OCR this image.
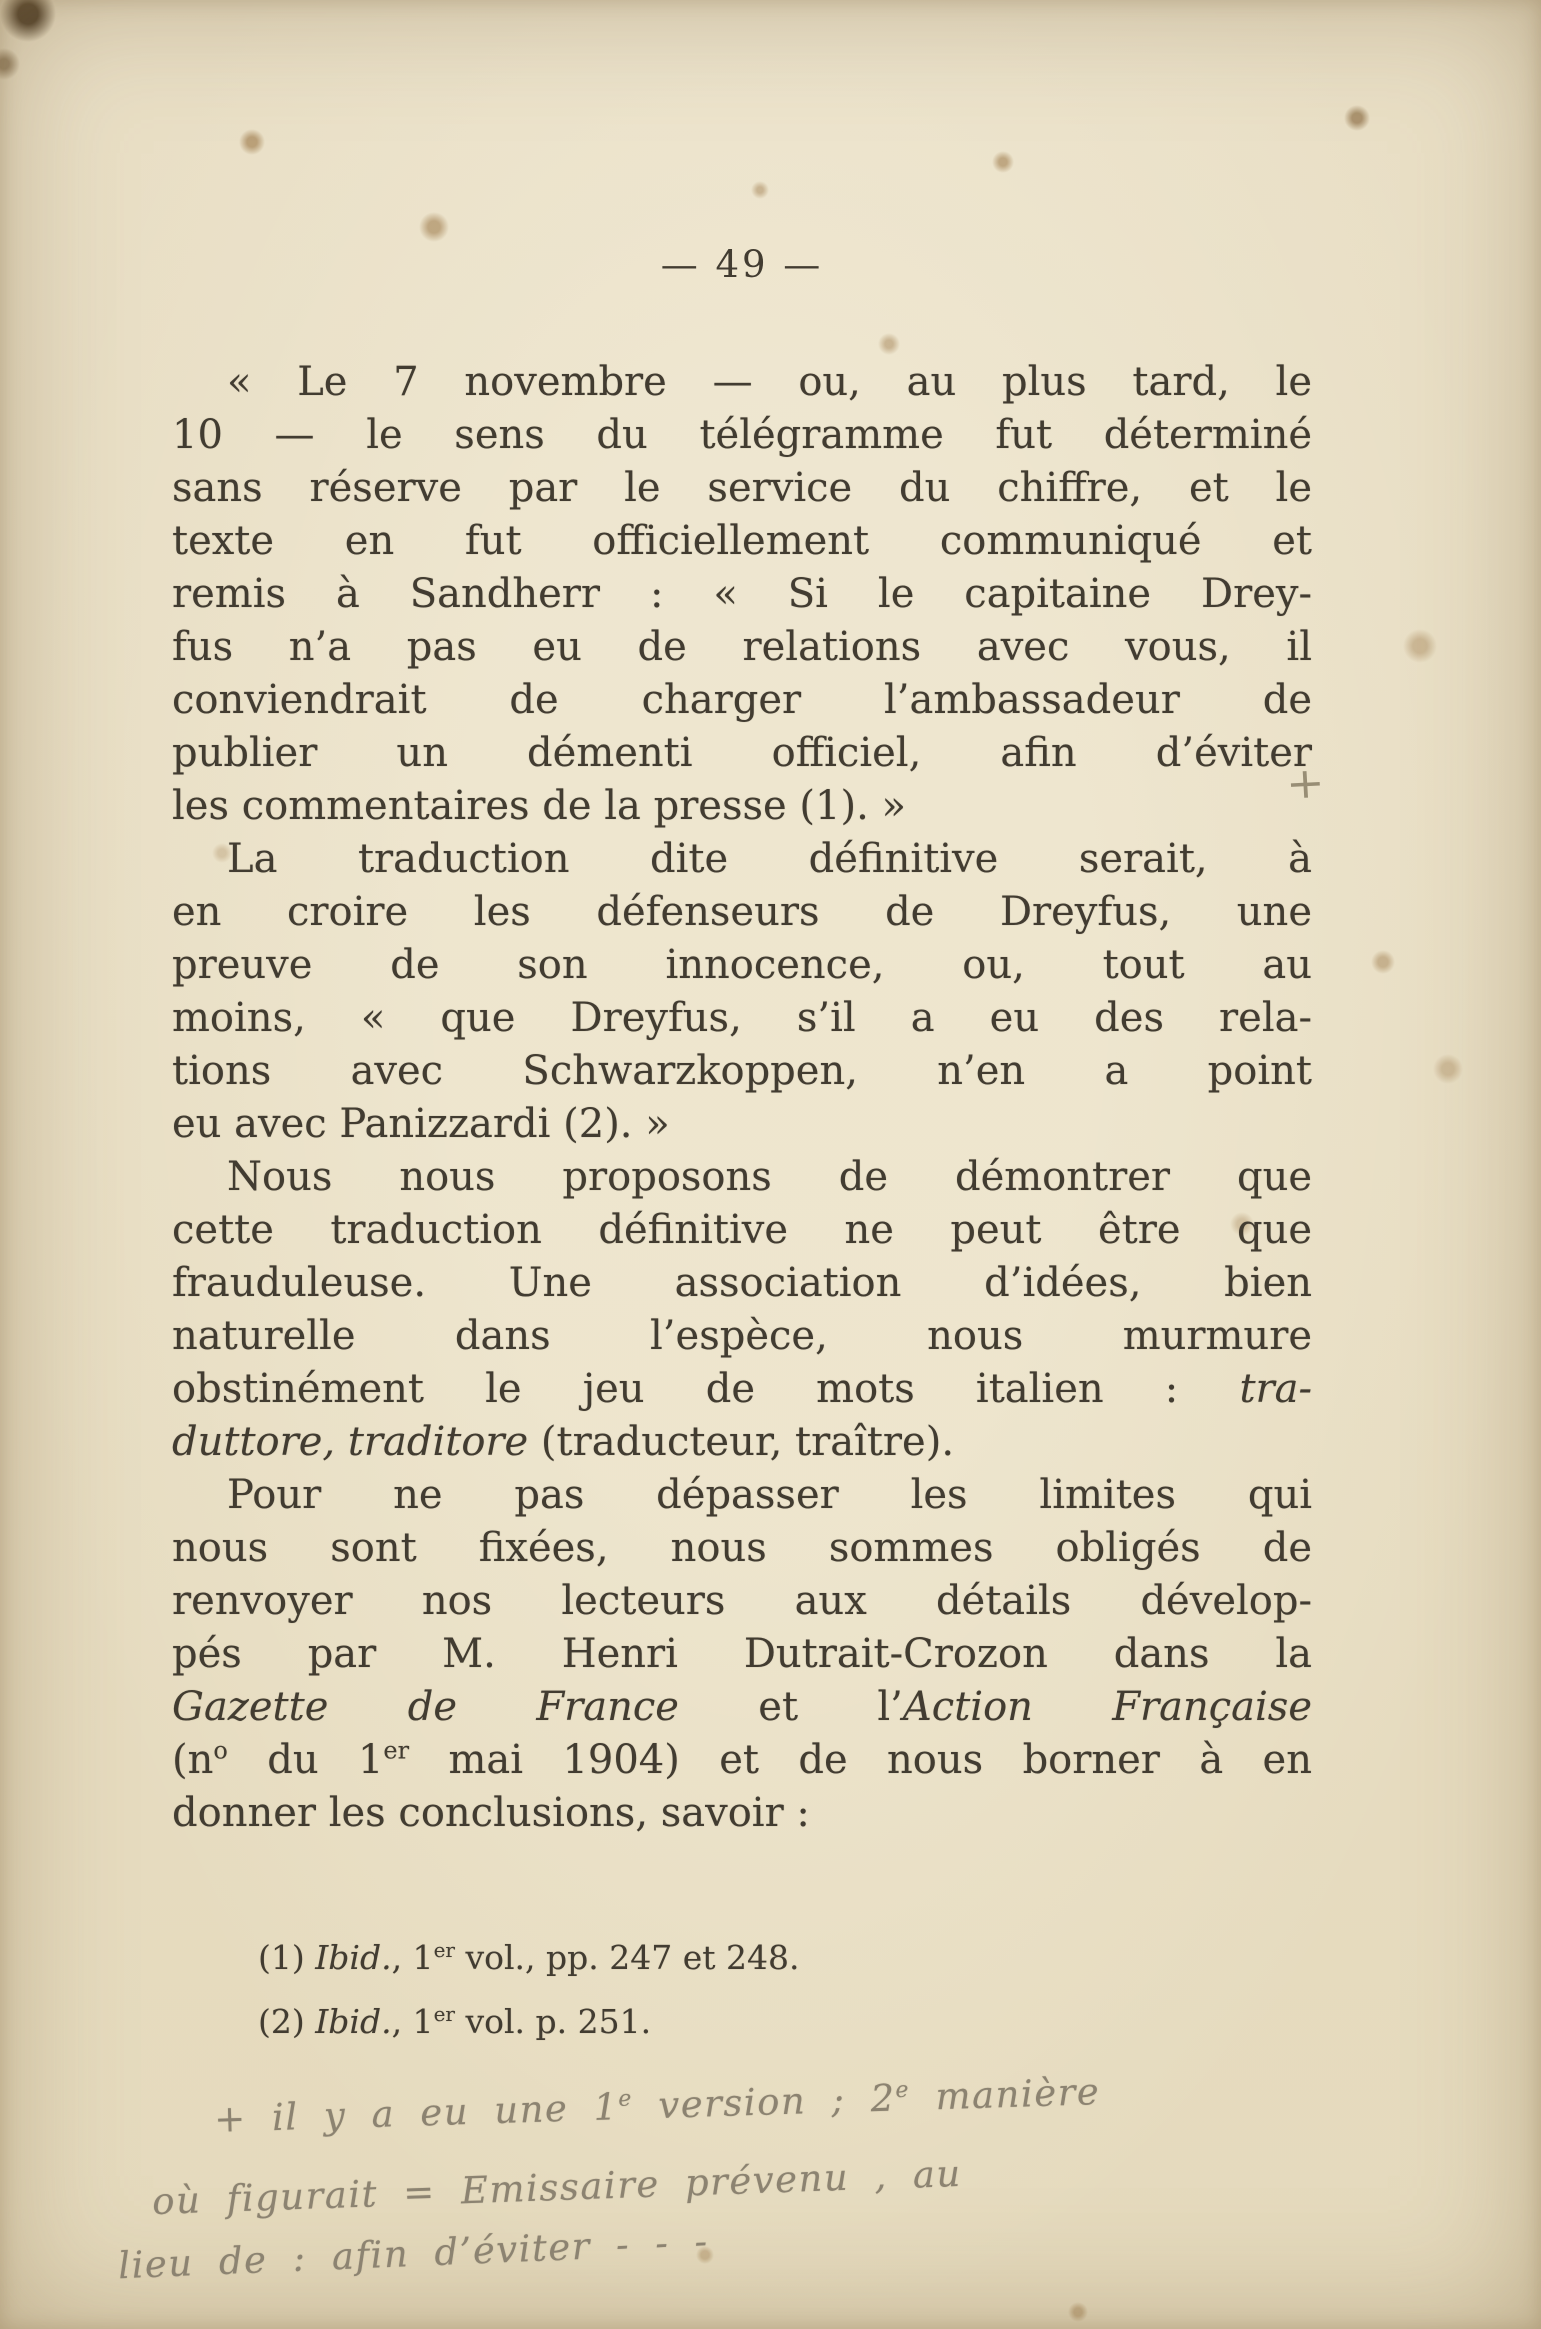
— 49 —
« Le 7 novembre — ou, au plus tard, le
10 — le sens du télégramme fut déterminé
sans réserve par le service du chiffre, et le
texte en fut officiellement communiqué et
remis à Sandherr : « Si le capitaine Drey-
fus n’a pas eu de relations avec vous, il
conviendrait de charger l’ambassadeur de
publier un démenti officiel, afin d’éviter
les commentaires de la presse (1). »
La traduction dite définitive serait, à
en croire les défenseurs de Dreyfus, une
preuve de son innocence, ou, tout au
moins, « que Dreyfus, s’il a eu des rela-
tions avec Schwarzkoppen, n’en a point
eu avec Panizzardi (2). »
Nous nous proposons de démontrer que
cette traduction définitive ne peut être que
frauduleuse. Une association d’idées, bien
naturelle dans l’espèce, nous murmure
obstinément le jeu de mots italien : tra-
duttore, traditore (traducteur, traître).
Pour ne pas dépasser les limites qui
nous sont fixées, nous sommes obligés de
renvoyer nos lecteurs aux détails dévelop-
pés par M. Henri Dutrait-Crozon dans la
Gazette de France et l’Action Française
($n^o$ du 1er mai 1904) et de nous borner à en
donner les conclusions, savoir :
+
(1) Ibid., 1er vol., pp. 247 et 248.
(2) Ibid., 1er vol. p. 251.
+ il y a eu une 1e version ; 2e manière
où figurait = Emissaire prévenu , au
lieu de : afin d’éviter - - -
